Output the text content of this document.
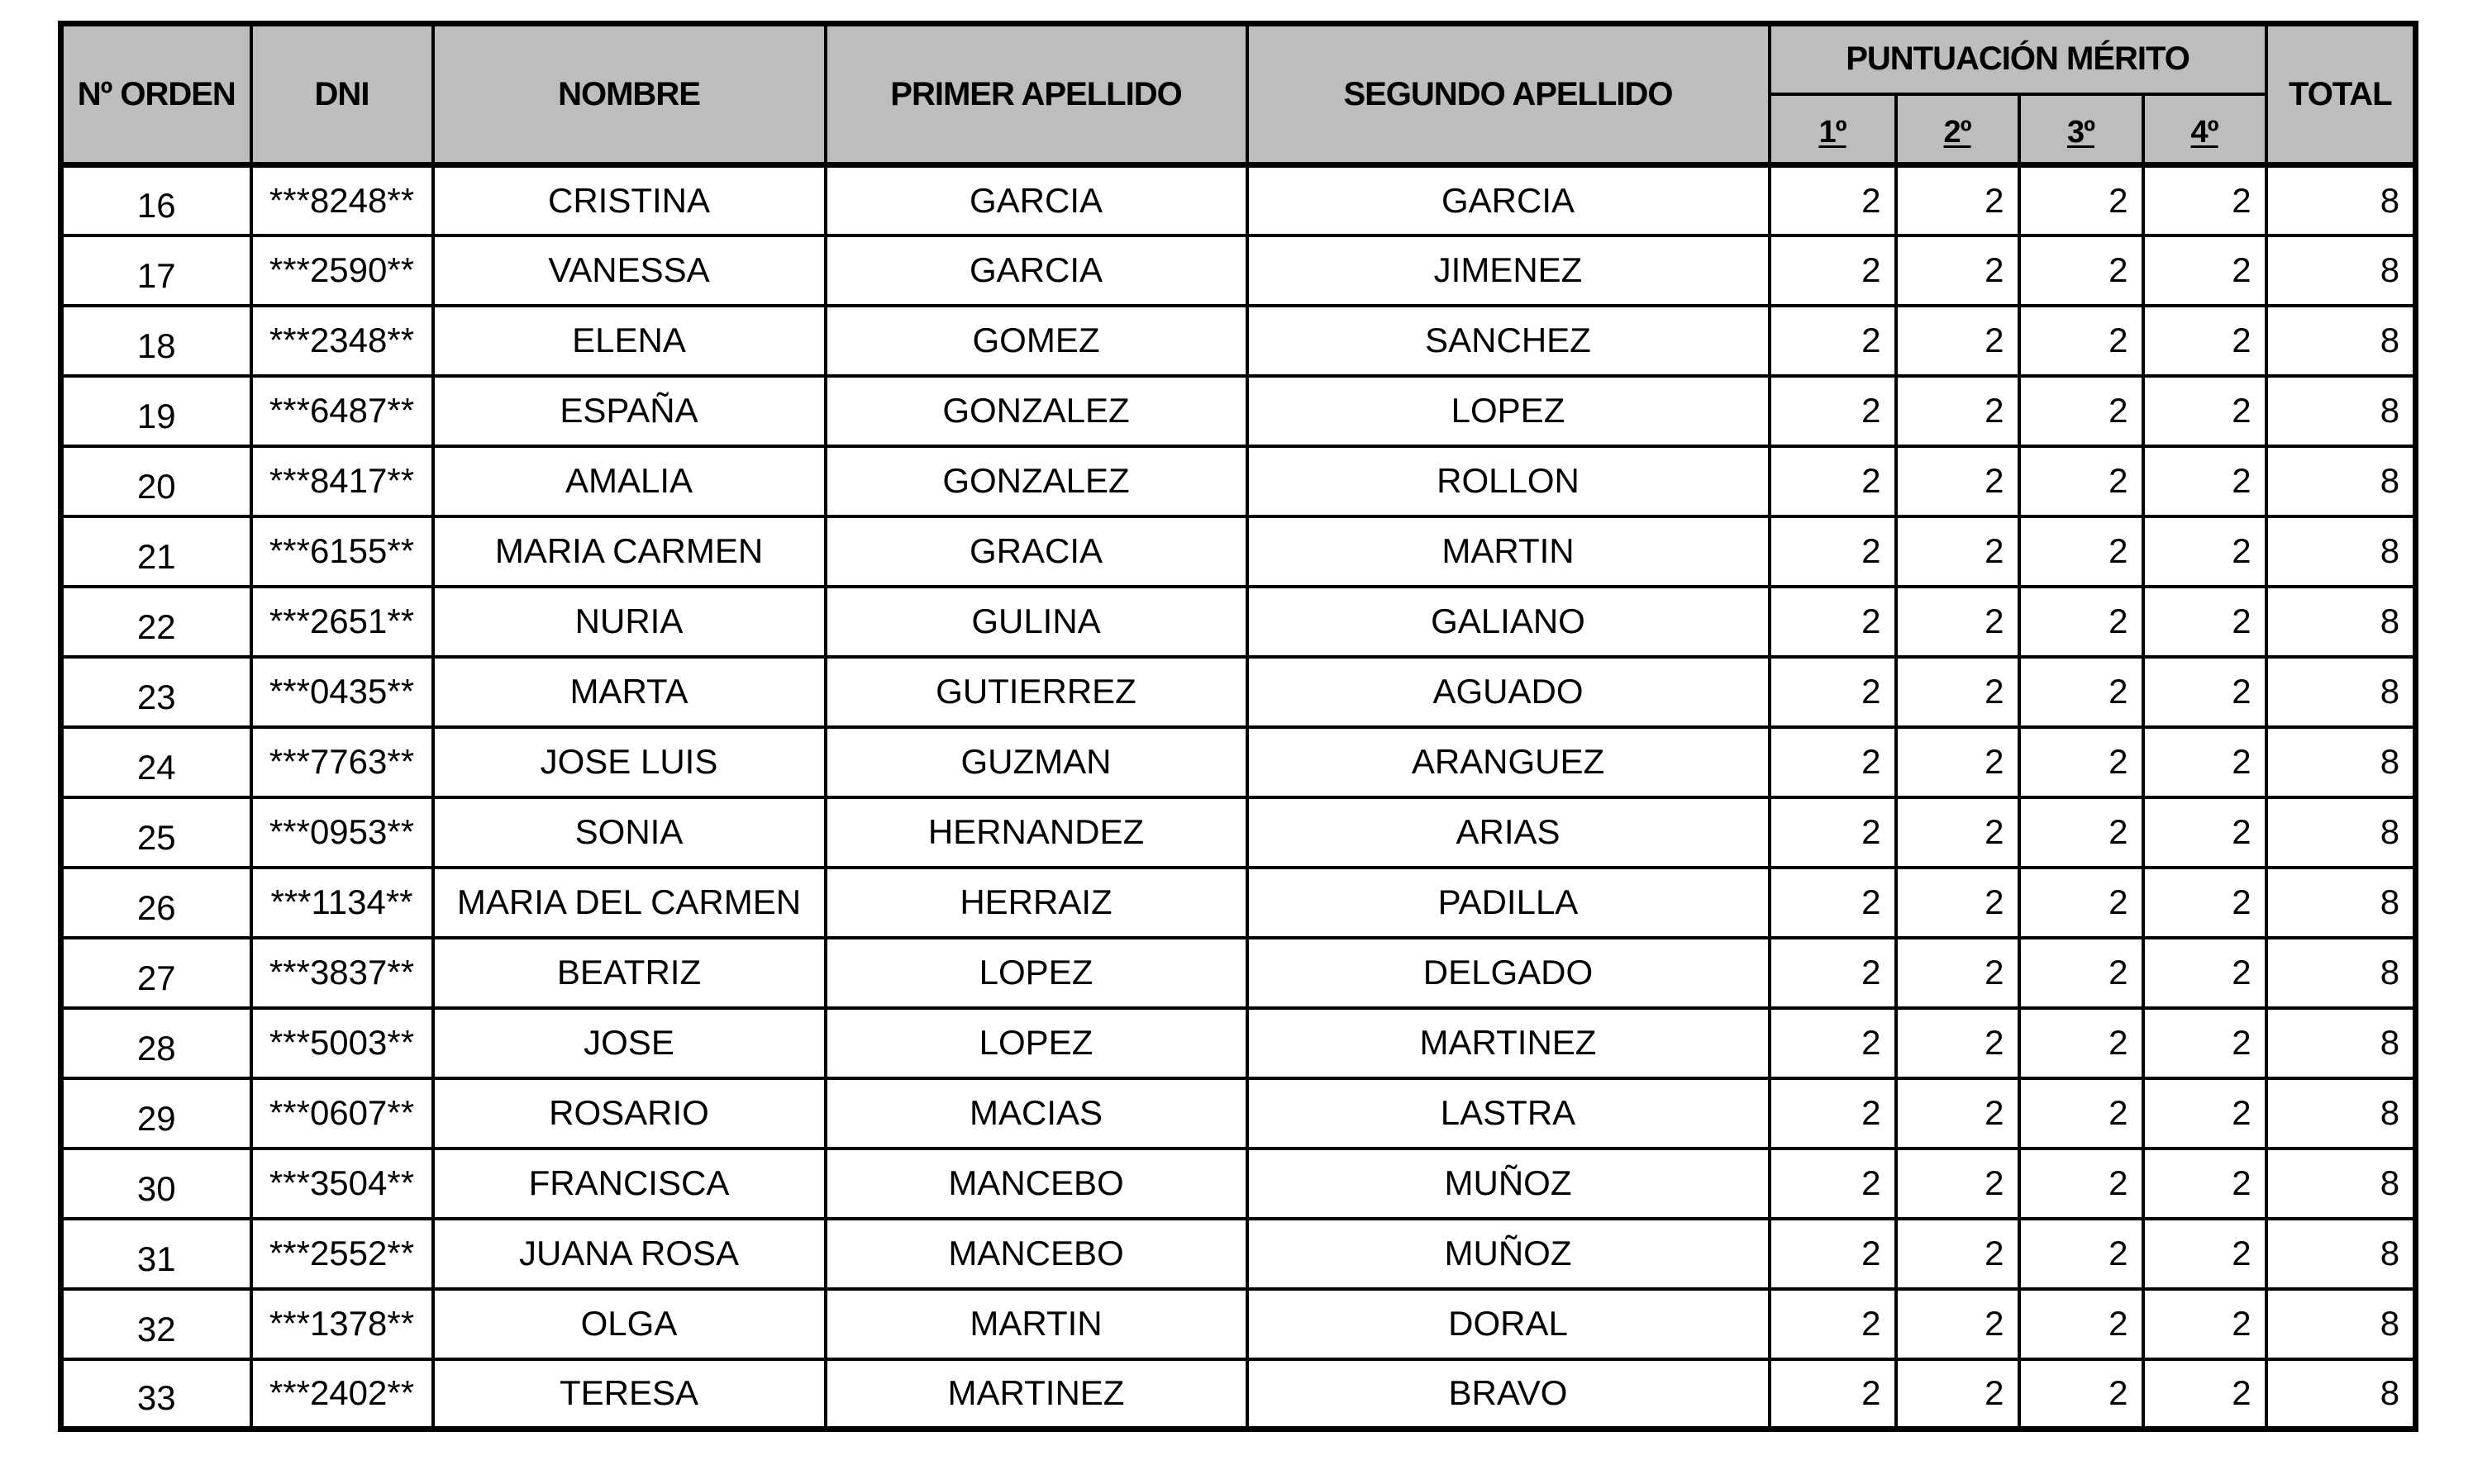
Nº ORDEN	DNI	NOMBRE	PRIMER APELLIDO	SEGUNDO APELLIDO	PUNTUACIÓN MÉRITO				TOTAL
					1º	2º	3º	4º	
16	***8248**	CRISTINA	GARCIA	GARCIA	2	2	2	2	8
17	***2590**	VANESSA	GARCIA	JIMENEZ	2	2	2	2	8
18	***2348**	ELENA	GOMEZ	SANCHEZ	2	2	2	2	8
19	***6487**	ESPAÑA	GONZALEZ	LOPEZ	2	2	2	2	8
20	***8417**	AMALIA	GONZALEZ	ROLLON	2	2	2	2	8
21	***6155**	MARIA CARMEN	GRACIA	MARTIN	2	2	2	2	8
22	***2651**	NURIA	GULINA	GALIANO	2	2	2	2	8
23	***0435**	MARTA	GUTIERREZ	AGUADO	2	2	2	2	8
24	***7763**	JOSE LUIS	GUZMAN	ARANGUEZ	2	2	2	2	8
25	***0953**	SONIA	HERNANDEZ	ARIAS	2	2	2	2	8
26	***1134**	MARIA DEL CARMEN	HERRAIZ	PADILLA	2	2	2	2	8
27	***3837**	BEATRIZ	LOPEZ	DELGADO	2	2	2	2	8
28	***5003**	JOSE	LOPEZ	MARTINEZ	2	2	2	2	8
29	***0607**	ROSARIO	MACIAS	LASTRA	2	2	2	2	8
30	***3504**	FRANCISCA	MANCEBO	MUÑOZ	2	2	2	2	8
31	***2552**	JUANA ROSA	MANCEBO	MUÑOZ	2	2	2	2	8
32	***1378**	OLGA	MARTIN	DORAL	2	2	2	2	8
33	***2402**	TERESA	MARTINEZ	BRAVO	2	2	2	2	8
